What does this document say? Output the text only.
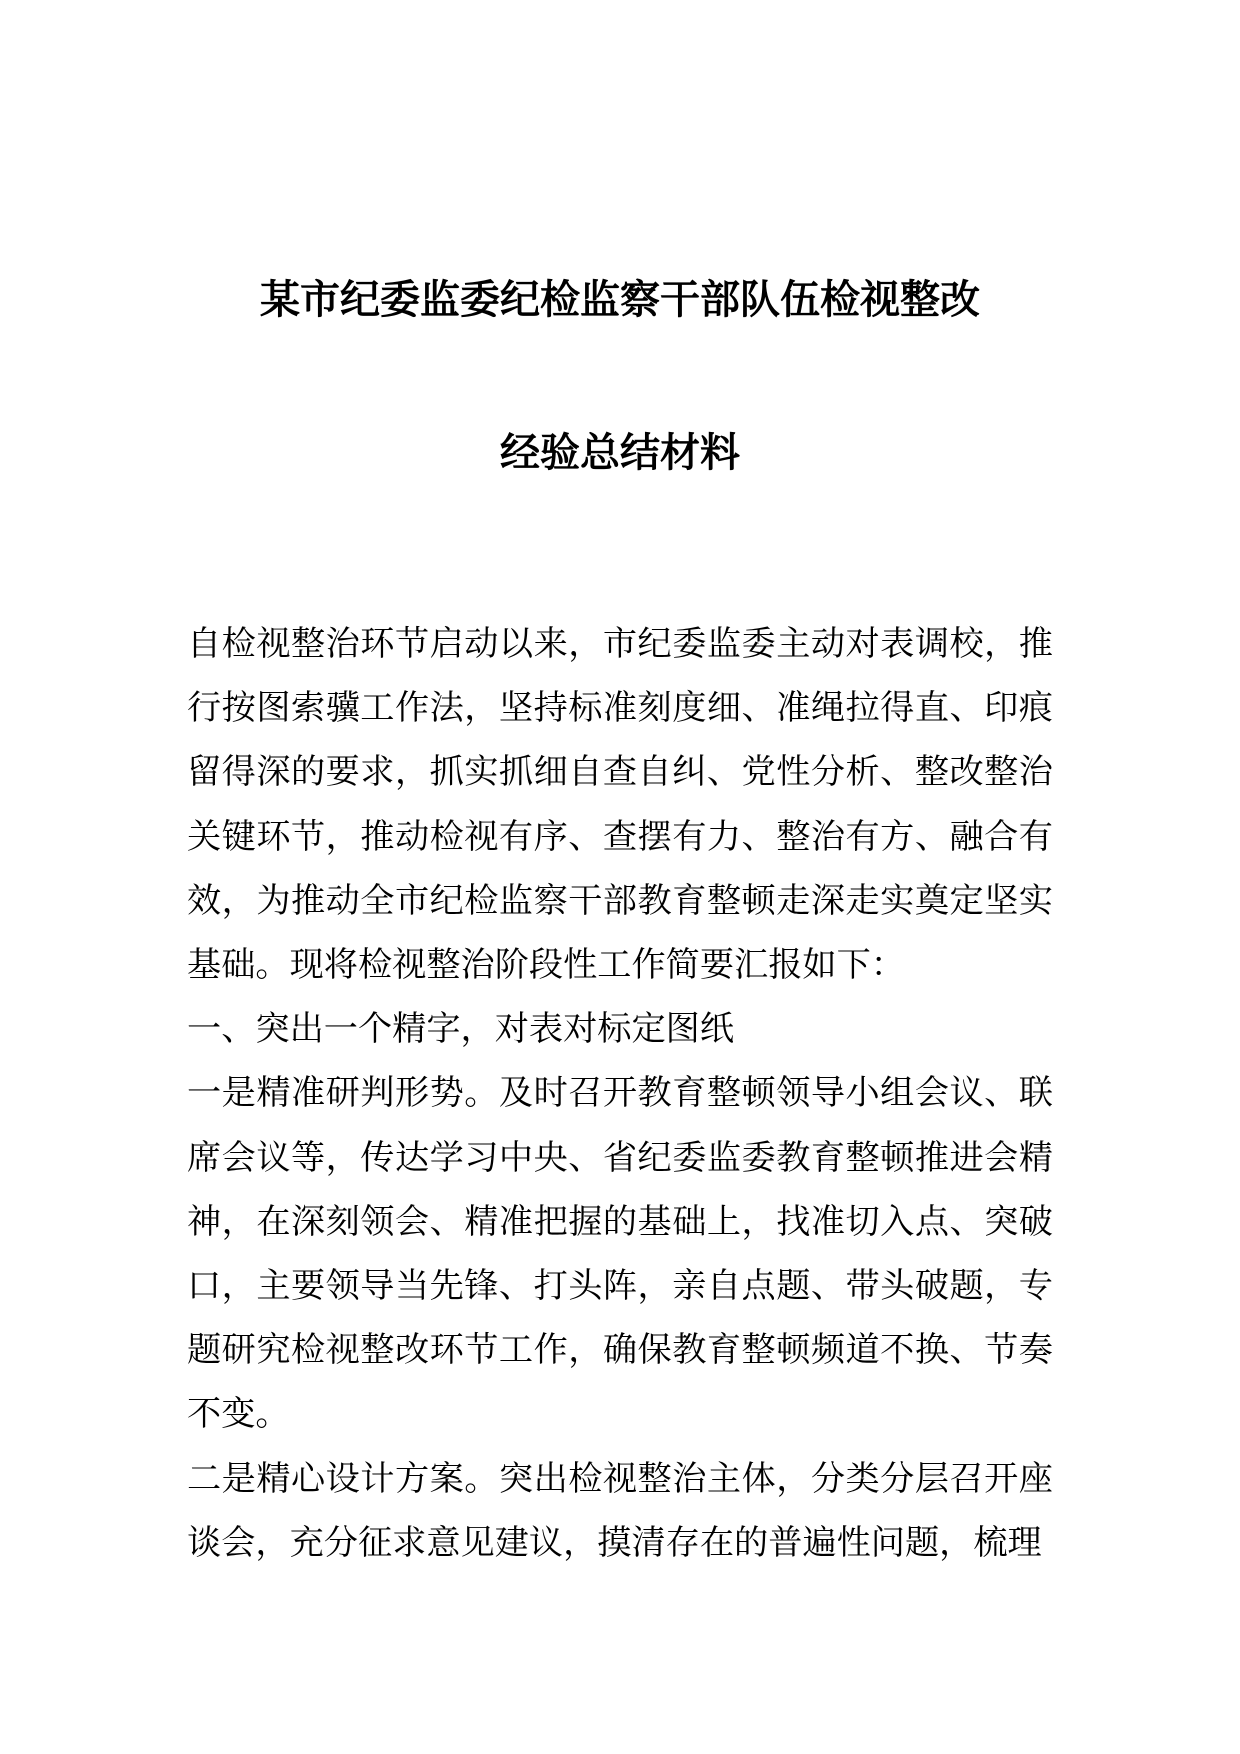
某市纪委监委纪检监察干部队伍检视整改
经验总结材料

自检视整治环节启动以来，市纪委监委主动对表调校，推行按图索骥工作法，坚持标准刻度细、准绳拉得直、印痕留得深的要求，抓实抓细自查自纠、党性分析、整改整治关键环节，推动检视有序、查摆有力、整治有方、融合有效，为推动全市纪检监察干部教育整顿走深走实奠定坚实基础。现将检视整治阶段性工作简要汇报如下：

一、突出一个精字，对表对标定图纸

一是精准研判形势。及时召开教育整顿领导小组会议、联席会议等，传达学习中央、省纪委监委教育整顿推进会精神，在深刻领会、精准把握的基础上，找准切入点、突破口，主要领导当先锋、打头阵，亲自点题、带头破题，专题研究检视整改环节工作，确保教育整顿频道不换、节奏不变。

二是精心设计方案。突出检视整治主体，分类分层召开座谈会，充分征求意见建议，摸清存在的普遍性问题，梳理
